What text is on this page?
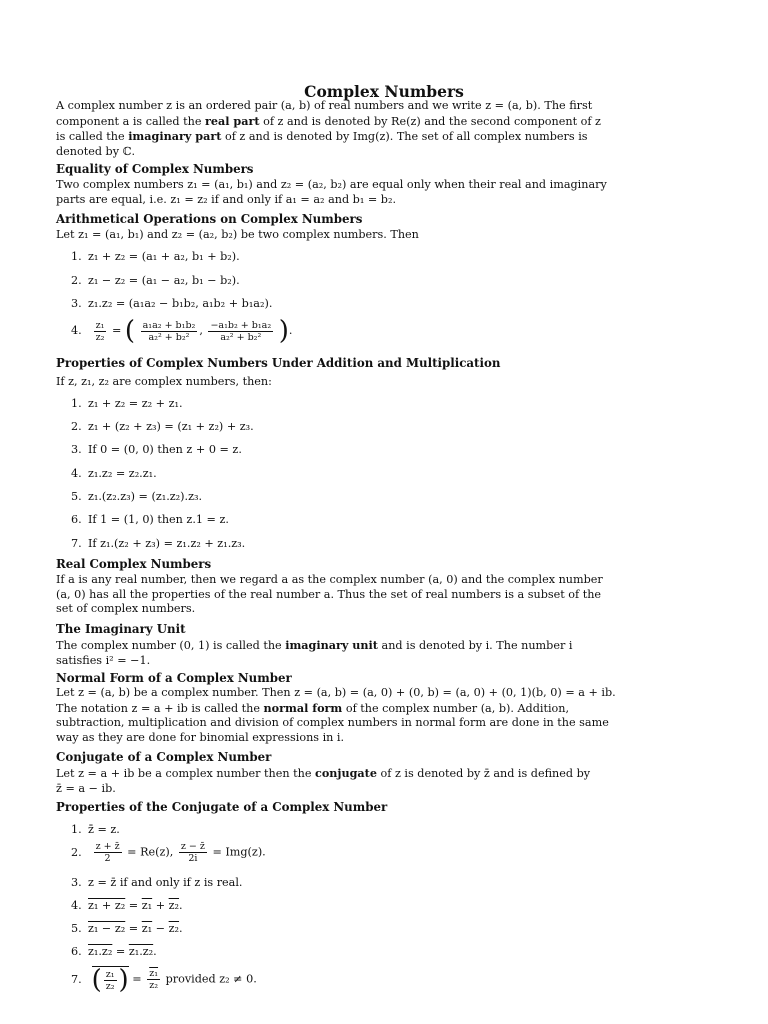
Complex Numbers
A complex number z is an ordered pair (a, b) of real numbers and we write z = (a, b). The first
component a is called the real part of z and is denoted by Re(z) and the second component of z
is called the imaginary part of z and is denoted by Img(z). The set of all complex numbers is
denoted by ℂ.
Equality of Complex Numbers
Two complex numbers z₁ = (a₁, b₁) and z₂ = (a₂, b₂) are equal only when their real and imaginary
parts are equal, i.e. z₁ = z₂ if and only if a₁ = a₂ and b₁ = b₂.
Arithmetical Operations on Complex Numbers
Let z₁ = (a₁, b₁) and z₂ = (a₂, b₂) be two complex numbers. Then
1. z₁ + z₂ = (a₁ + a₂, b₁ + b₂).
2. z₁ − z₂ = (a₁ − a₂, b₁ − b₂).
3. z₁.z₂ = (a₁a₂ − b₁b₂, a₁b₂ + b₁a₂).
4. $\frac{\text{z₁}}{\text{z₂}}$ = ( $\frac{\text{a₁a₂ + b₁b₂}}{\text{a₂² + b₂²}}$ , $\frac{\text{−a₁b₂ + b₁a₂}}{\text{a₂² + b₂²}}$ ).
Properties of Complex Numbers Under Addition and Multiplication
If z, z₁, z₂ are complex numbers, then:
1. z₁ + z₂ = z₂ + z₁.
2. z₁ + (z₂ + z₃) = (z₁ + z₂) + z₃.
3. If 0 = (0, 0) then z + 0 = z.
4. z₁.z₂ = z₂.z₁.
5. z₁.(z₂.z₃) = (z₁.z₂).z₃.
6. If 1 = (1, 0) then z.1 = z.
7. If z₁.(z₂ + z₃) = z₁.z₂ + z₁.z₃.
Real Complex Numbers
If a is any real number, then we regard a as the complex number (a, 0) and the complex number
(a, 0) has all the properties of the real number a. Thus the set of real numbers is a subset of the
set of complex numbers.
The Imaginary Unit
The complex number (0, 1) is called the imaginary unit and is denoted by i. The number i
satisfies i² = −1.
Normal Form of a Complex Number
Let z = (a, b) be a complex number. Then z = (a, b) = (a, 0) + (0, b) = (a, 0) + (0, 1)(b, 0) = a + ib.
The notation z = a + ib is called the normal form of the complex number (a, b). Addition,
subtraction, multiplication and division of complex numbers in normal form are done in the same
way as they are done for binomial expressions in i.
Conjugate of a Complex Number
Let z = a + ib be a complex number then the conjugate of z is denoted by z̄ and is defined by
z̄ = a − ib.
Properties of the Conjugate of a Complex Number
1. z̄̄ = z.
2. $\frac{z + z̄}{2} = Re(z)$, $\frac{z - z̄}{2i} = Img(z)$.
3. z = z̄ if and only if z is real.
4. z₁ + z₂ = z₁ + z₂.
5. z₁ − z₂ = z₁ − z₂.
6. z₁.z₂ = z₁.z₂.
7. ( $\frac{\text{z₁}}{\text{z₂}}$ ) = $\frac{\text{z₁}}{\text{z₂}}$ provided z₂ ≠ 0.
